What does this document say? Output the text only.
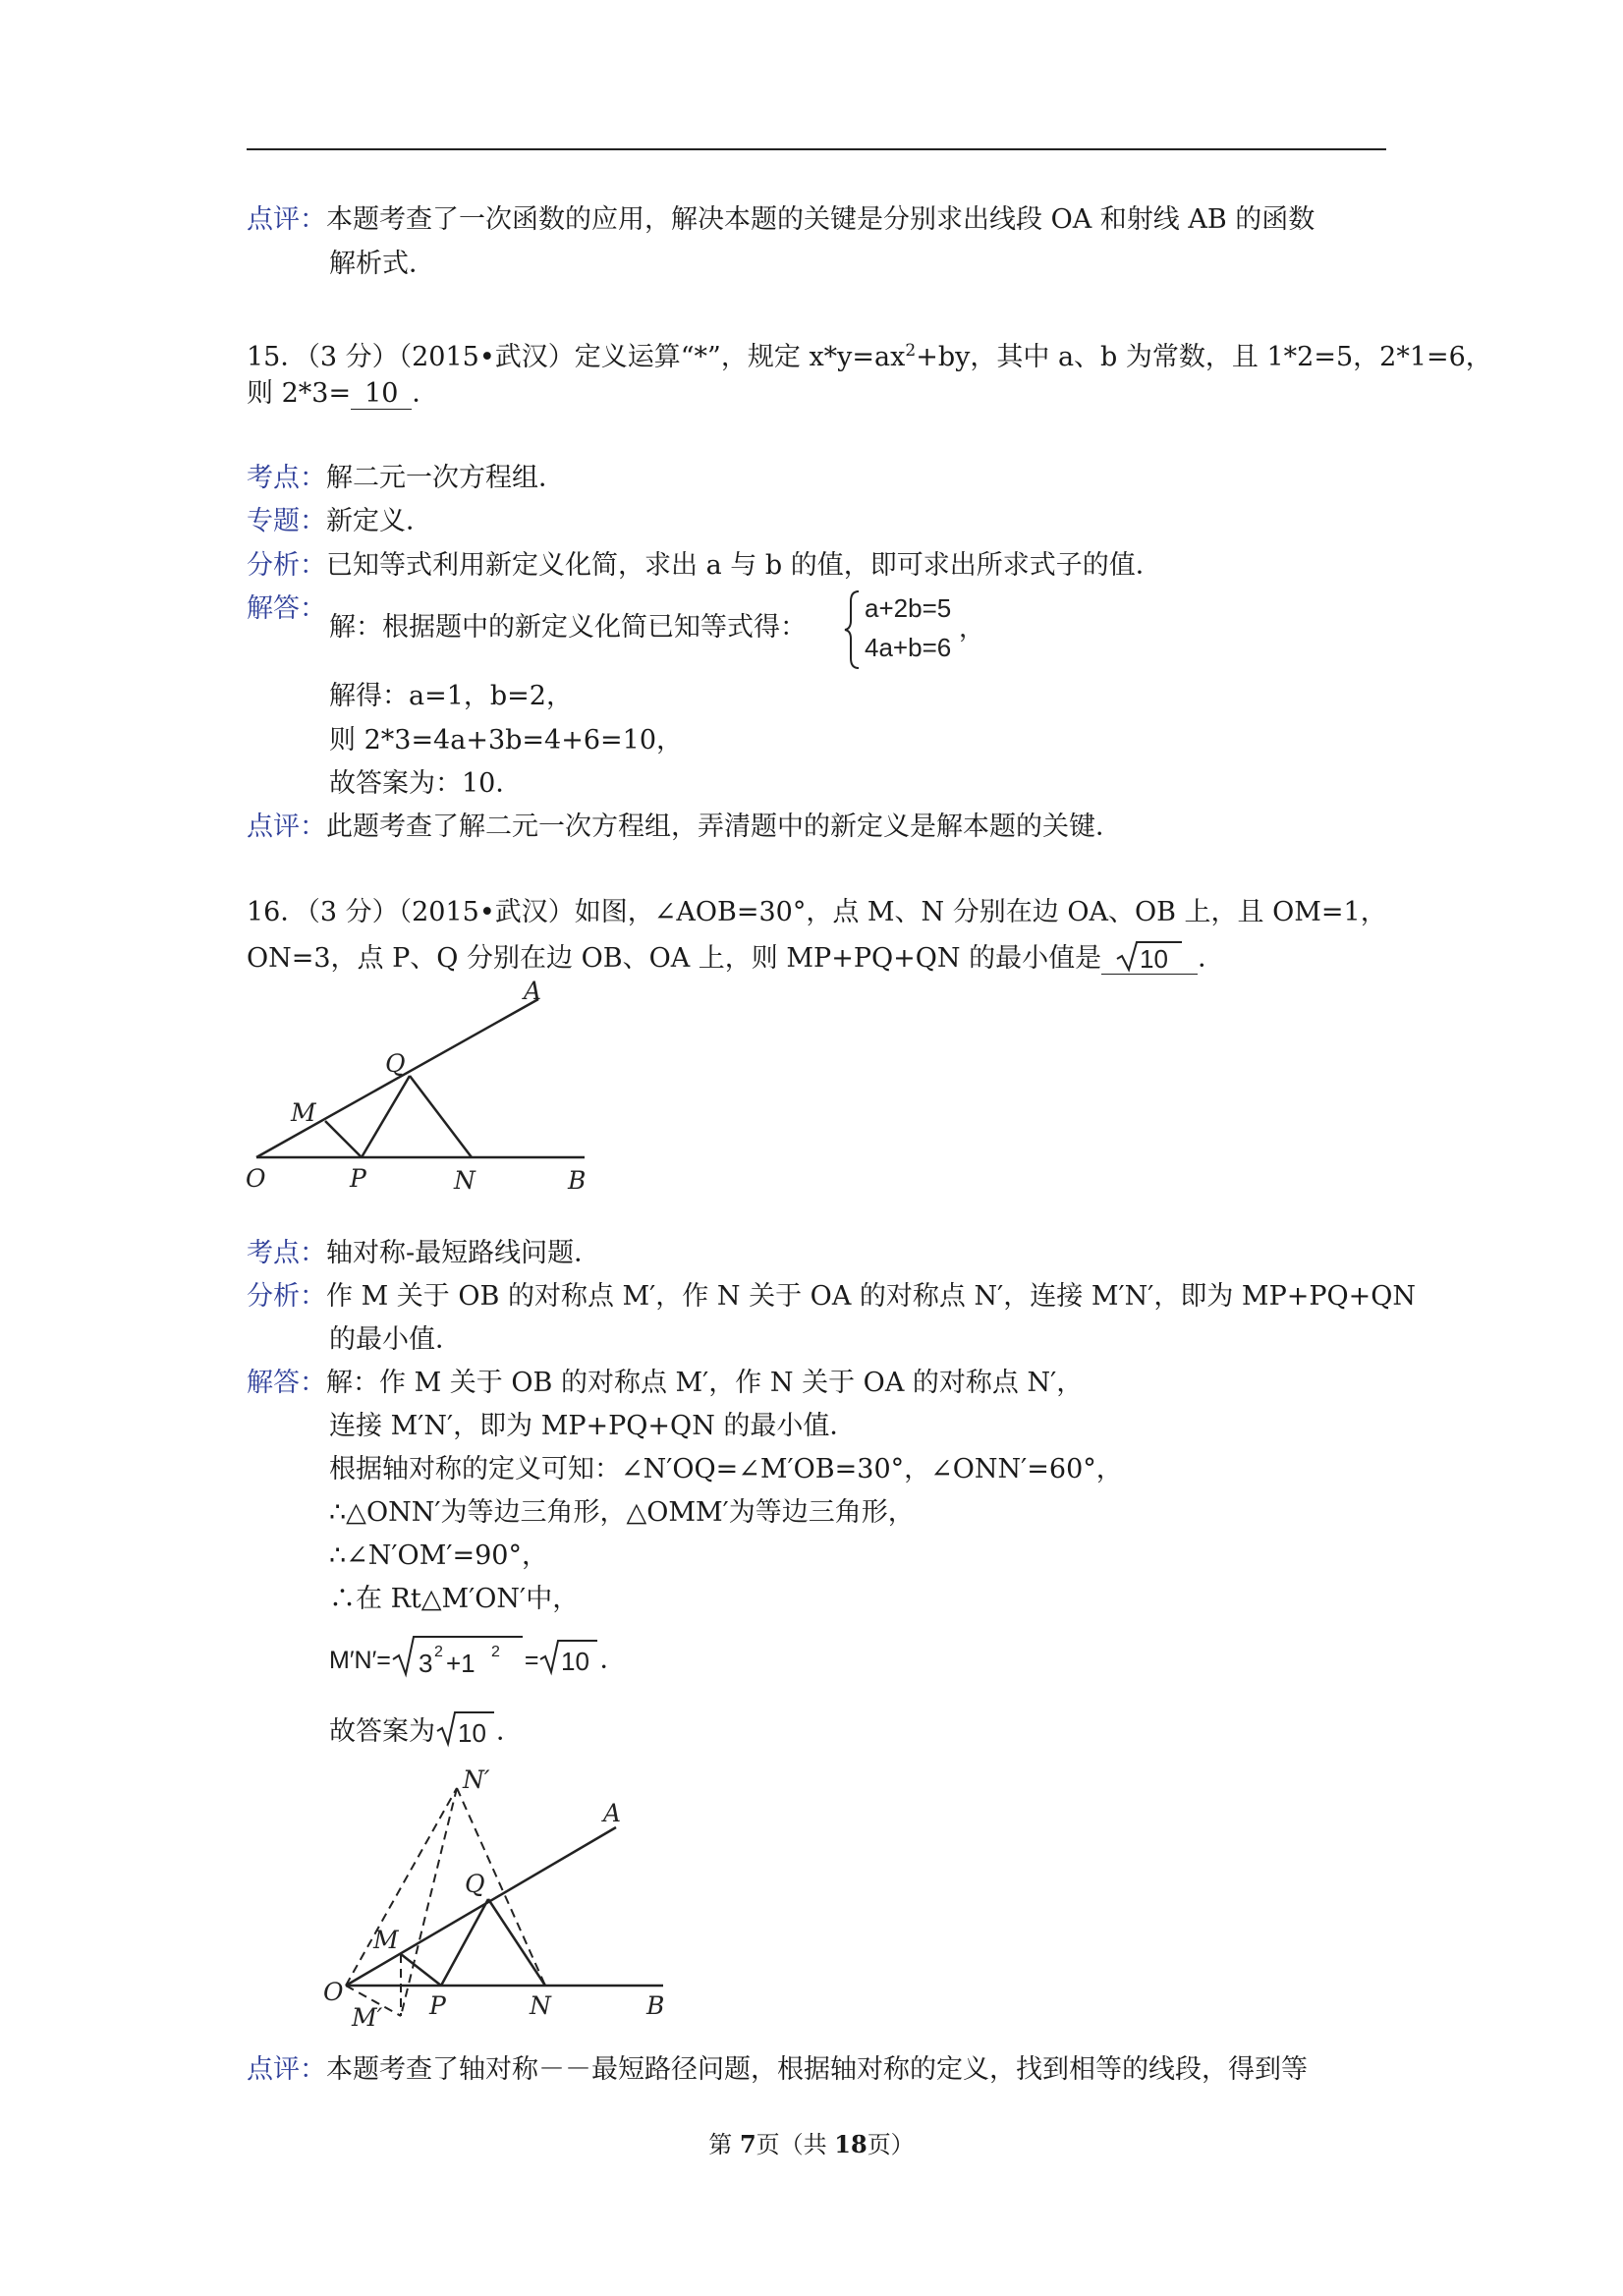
点评：本题考查了一次函数的应用，解决本题的关键是分别求出线段 OA 和射线 AB 的函数
解析式．
15．（3 分）（2015•武汉）定义运算“*”，规定 $x*y=ax^2+by$，其中 a、b 为常数，且 1*2=5，2*1=6，
则 2*3= 10 ．
考点：解二元一次方程组．
专题：新定义．
分析：已知等式利用新定义化简，求出 a 与 b 的值，即可求出所求式子的值．
解答：
解：根据题中的新定义化简已知等式得：
a+2b=5
4a+b=6
，
解得：a=1，b=2，
则 2*3=4a+3b=4+6=10，
故答案为：10．
点评：此题考查了解二元一次方程组，弄清题中的新定义是解本题的关键．
16．（3 分）（2015•武汉）如图，∠AOB=30°，点 M、N 分别在边 OA、OB 上，且 OM=1，
ON=3，点 P、Q 分别在边 OB、OA 上，则 MP+PQ+QN 的最小值是 10 ．
A
Q
M
O	P	N	B
考点：轴对称-最短路线问题．
分析：作 M 关于 OB 的对称点 M′，作 N 关于 OA 的对称点 N′，连接 M′N′，即为 MP+PQ+QN
的最小值．
解答：解：作 M 关于 OB 的对称点 M′，作 N 关于 OA 的对称点 N′，
连接 M′N′，即为 MP+PQ+QN 的最小值．
根据轴对称的定义可知：∠N′OQ=∠M′OB=30°，∠ONN′=60°，
∴△ONN′为等边三角形，△OMM′为等边三角形，
∴∠N′OM′=90°，
∴在 Rt△M′ON′中，
M′N′= 3 2 +1 2 = 10 ．
故答案为 10 ．
N′
A
Q
M
O
M′ P	N	B
点评：本题考查了轴对称－－最短路径问题，根据轴对称的定义，找到相等的线段，得到等
第 7页（共 18页）
